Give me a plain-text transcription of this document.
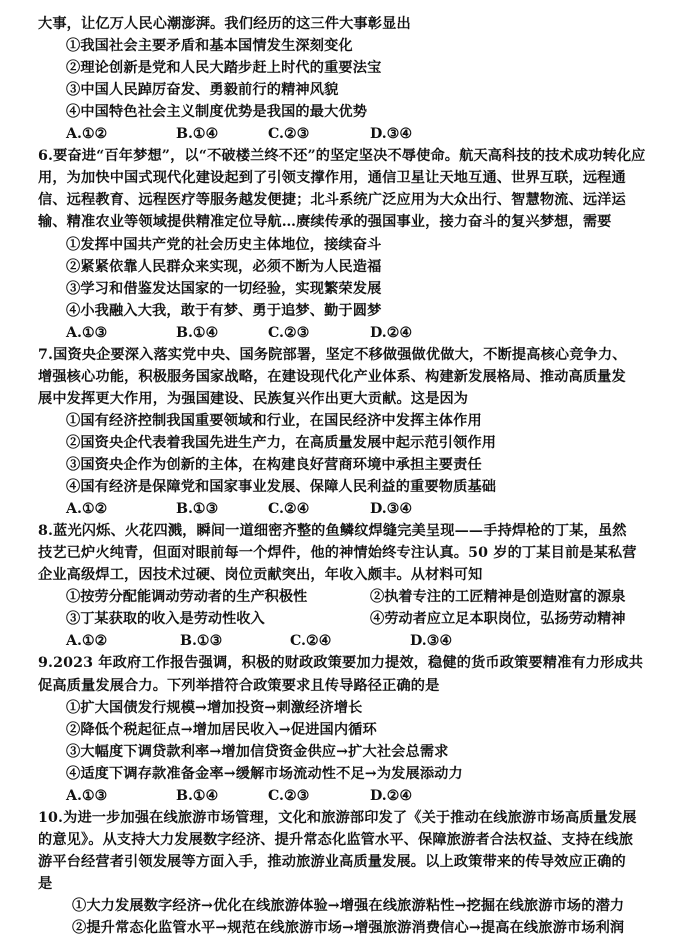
大事，让亿万人民心潮澎湃。我们经历的这三件大事彰显出
①我国社会主要矛盾和基本国情发生深刻变化
②理论创新是党和人民大踏步赶上时代的重要法宝
③中国人民踔厉奋发、勇毅前行的精神风貌
④中国特色社会主义制度优势是我国的最大优势
A.①②	B.①④	C.②③	D.③④
6.要奋进“百年梦想”，以“不破楼兰终不还”的坚定坚决不辱使命。航天高科技的技术成功转化应
用，为加快中国式现代化建设起到了引领支撑作用，通信卫星让天地互通、世界互联，远程通
信、远程教育、远程医疗等服务越发便捷；北斗系统广泛应用为大众出行、智慧物流、远洋运
输、精准农业等领域提供精准定位导航…赓续传承的强国事业，接力奋斗的复兴梦想，需要
①发挥中国共产党的社会历史主体地位，接续奋斗
②紧紧依靠人民群众来实现，必须不断为人民造福
③学习和借鉴发达国家的一切经验，实现繁荣发展
④小我融入大我，敢于有梦、勇于追梦、勤于圆梦
A.①③	B.①④	C.②③	D.②④
7.国资央企要深入落实党中央、国务院部署，坚定不移做强做优做大，不断提高核心竞争力、
增强核心功能，积极服务国家战略，在建设现代化产业体系、构建新发展格局、推动高质量发
展中发挥更大作用，为强国建设、民族复兴作出更大贡献。这是因为
①国有经济控制我国重要领域和行业，在国民经济中发挥主体作用
②国资央企代表着我国先进生产力，在高质量发展中起示范引领作用
③国资央企作为创新的主体，在构建良好营商环境中承担主要责任
④国有经济是保障党和国家事业发展、保障人民利益的重要物质基础
A.①②	B.①③	C.②④	D.③④
8.蓝光闪烁、火花四溅，瞬间一道细密齐整的鱼鳞纹焊缝完美呈现——手持焊枪的丁某，虽然
技艺已炉火纯青，但面对眼前每一个焊件，他的神情始终专注认真。50 岁的丁某目前是某私营
企业高级焊工，因技术过硬、岗位贡献突出，年收入颇丰。从材料可知
①按劳分配能调动劳动者的生产积极性	②执着专注的工匠精神是创造财富的源泉
③丁某获取的收入是劳动性收入	④劳动者应立足本职岗位，弘扬劳动精神
A.①②	B.①③	C.②④	D.③④
9.2023 年政府工作报告强调，积极的财政政策要加力提效，稳健的货币政策要精准有力形成共
促高质量发展合力。下列举措符合政策要求且传导路径正确的是
①扩大国债发行规模→增加投资→刺激经济增长
②降低个税起征点→增加居民收入→促进国内循环
③大幅度下调贷款利率→增加信贷资金供应→扩大社会总需求
④适度下调存款准备金率→缓解市场流动性不足→为发展添动力
A.①③	B.①④	C.②③	D.②④
10.为进一步加强在线旅游市场管理，文化和旅游部印发了《关于推动在线旅游市场高质量发展
的意见》。从支持大力发展数字经济、提升常态化监管水平、保障旅游者合法权益、支持在线旅
游平台经营者引领发展等方面入手，推动旅游业高质量发展。以上政策带来的传导效应正确的
是
①大力发展数字经济→优化在线旅游体验→增强在线旅游粘性→挖掘在线旅游市场的潜力
②提升常态化监管水平→规范在线旅游市场→增强旅游消费信心→提高在线旅游市场利润
